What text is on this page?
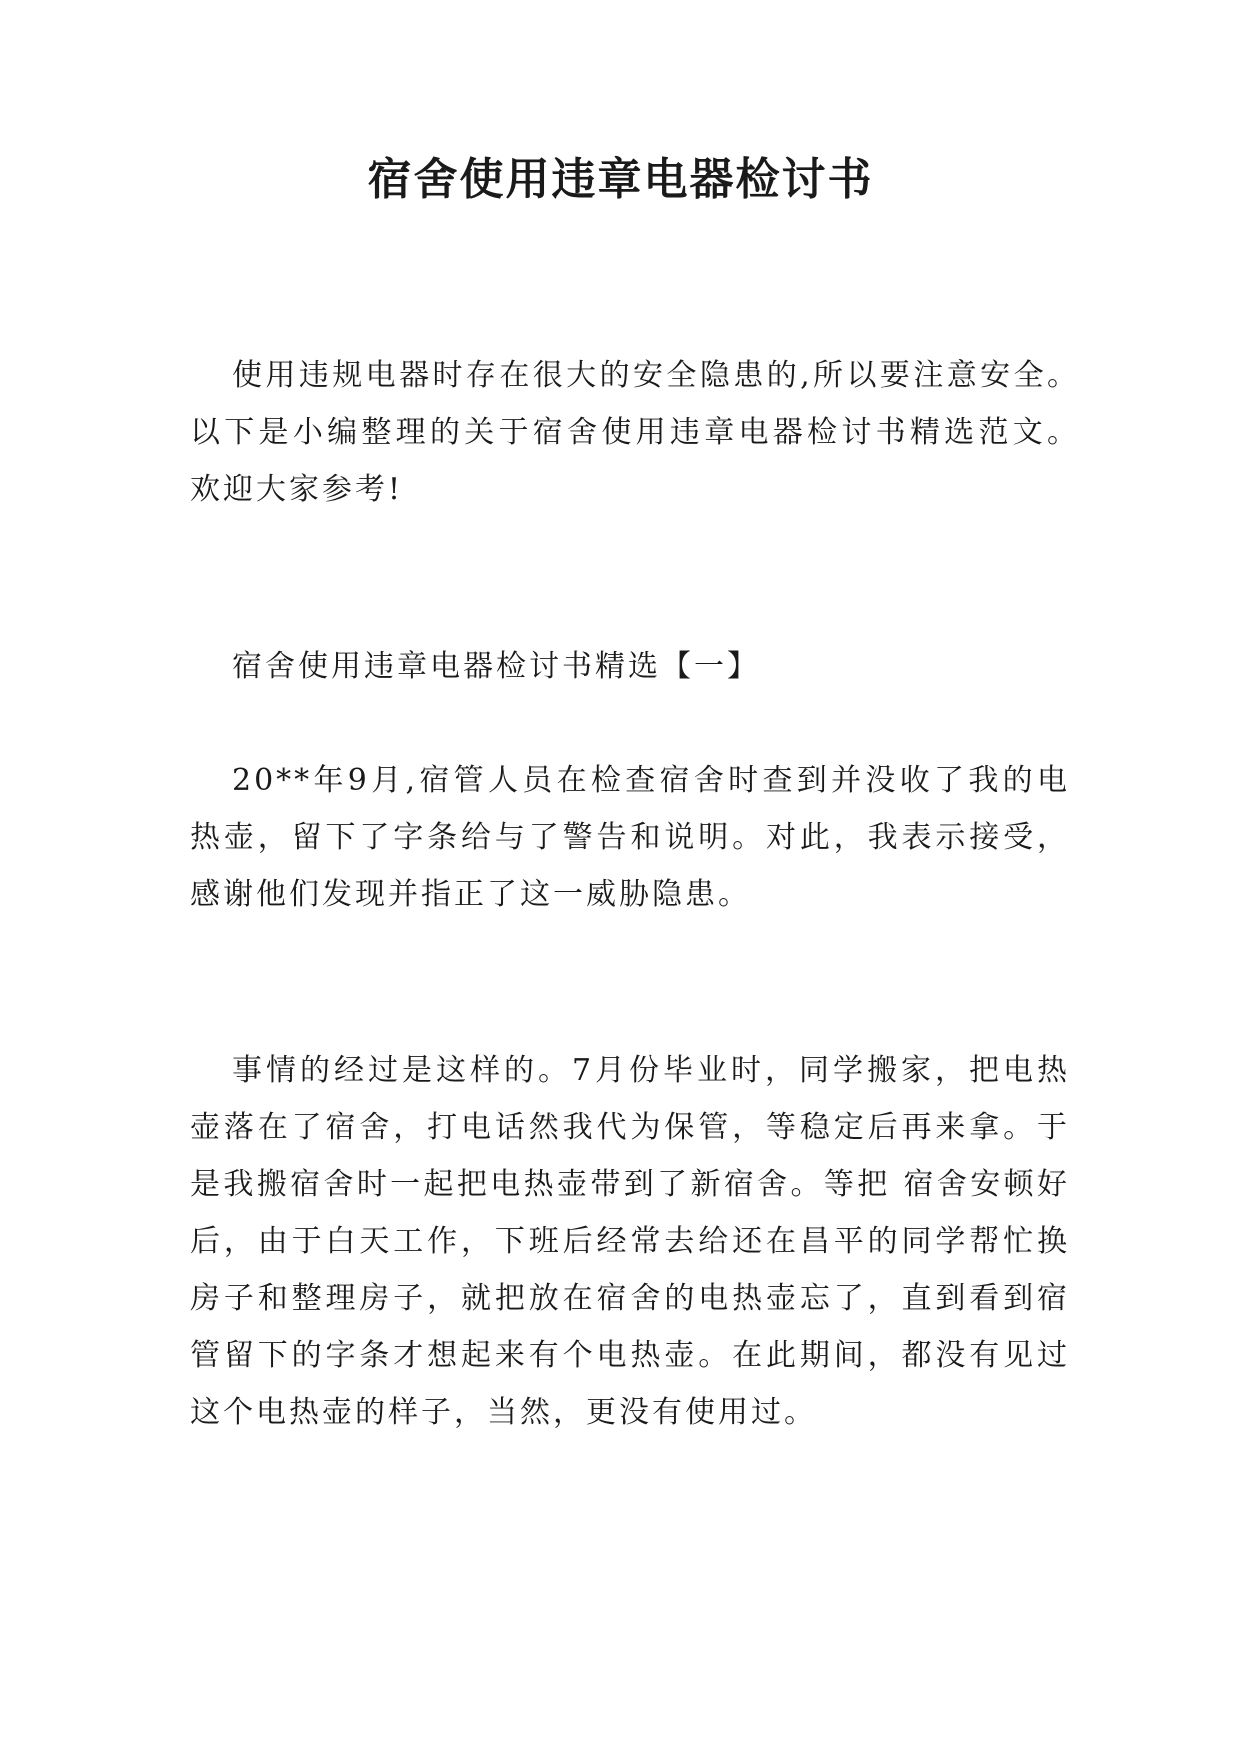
宿舍使用违章电器检讨书

使用违规电器时存在很大的安全隐患的,所以要注意安全。以下是小编整理的关于宿舍使用违章电器检讨书精选范文。欢迎大家参考!

宿舍使用违章电器检讨书精选【一】

20**年9月,宿管人员在检查宿舍时查到并没收了我的电热壶，留下了字条给与了警告和说明。对此，我表示接受，感谢他们发现并指正了这一威胁隐患。

事情的经过是这样的。7月份毕业时，同学搬家，把电热壶落在了宿舍，打电话然我代为保管，等稳定后再来拿。于是我搬宿舍时一起把电热壶带到了新宿舍。等把 宿舍安顿好后，由于白天工作，下班后经常去给还在昌平的同学帮忙换房子和整理房子，就把放在宿舍的电热壶忘了，直到看到宿管留下的字条才想起来有个电热壶。在此期间，都没有见过这个电热壶的样子，当然，更没有使用过。
